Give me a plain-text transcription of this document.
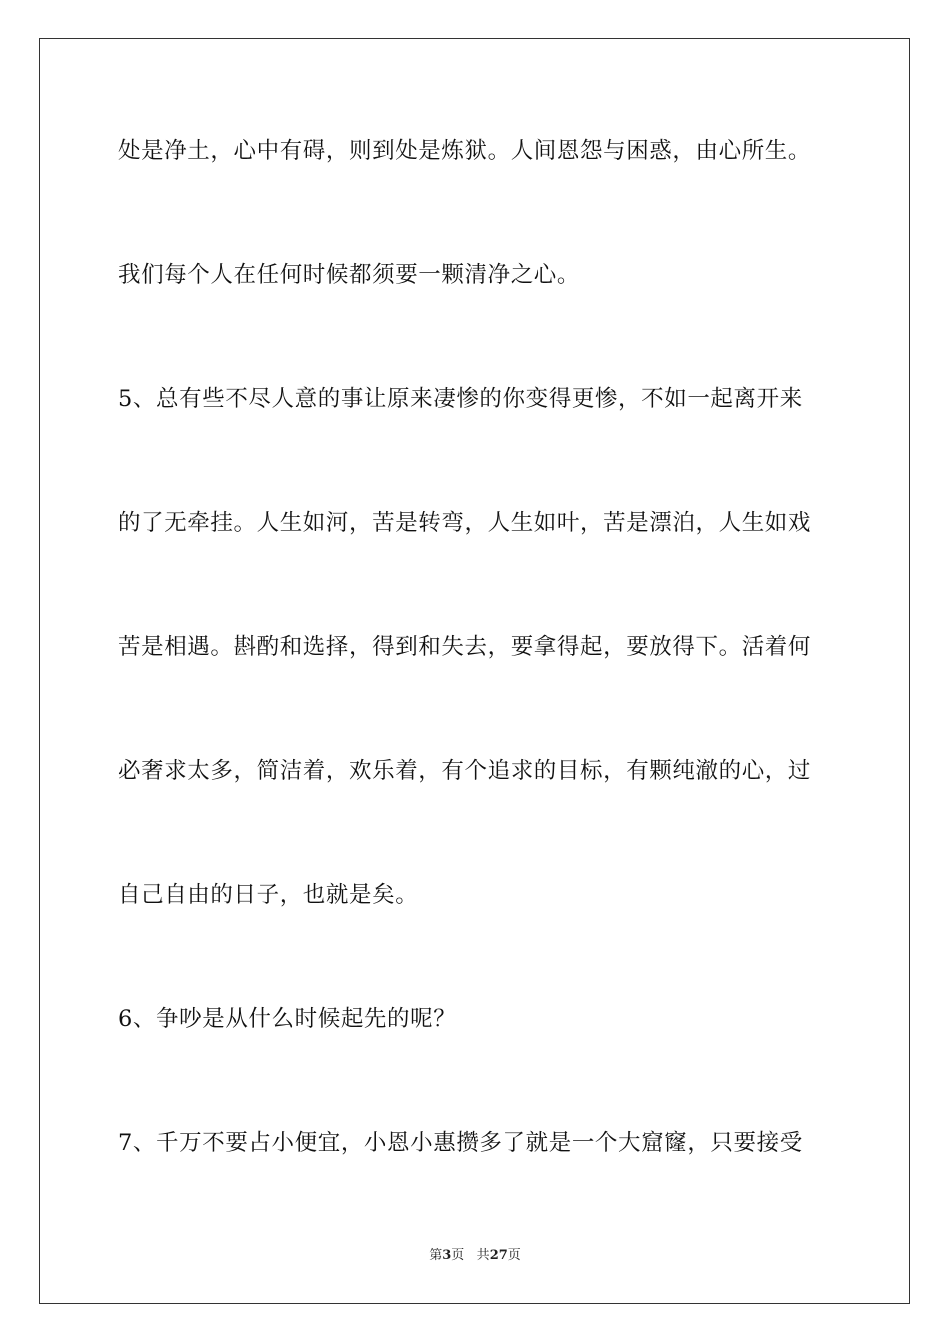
处是净土，心中有碍，则到处是炼狱。人间恩怨与困惑，由心所生。
我们每个人在任何时候都须要一颗清净之心。
5、总有些不尽人意的事让原来凄惨的你变得更惨，不如一起离开来
的了无牵挂。人生如河，苦是转弯，人生如叶，苦是漂泊，人生如戏
苦是相遇。斟酌和选择，得到和失去，要拿得起，要放得下。活着何
必奢求太多，简洁着，欢乐着，有个追求的目标，有颗纯澈的心，过
自己自由的日子，也就是矣。
6、争吵是从什么时候起先的呢？
7、千万不要占小便宜，小恩小惠攒多了就是一个大窟窿，只要接受
第3页 共27页
